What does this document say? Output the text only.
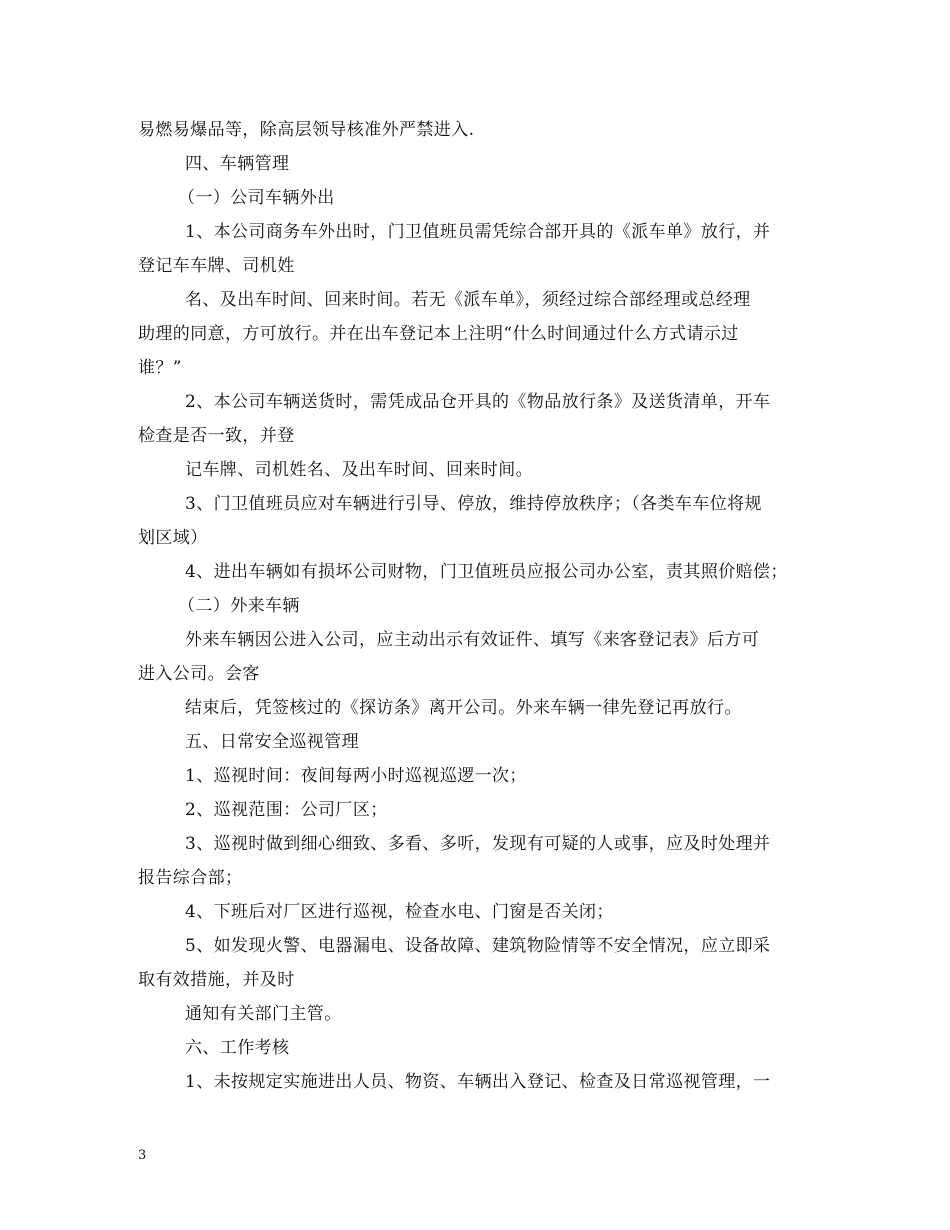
易燃易爆品等，除高层领导核准外严禁进入.
四、车辆管理
（一）公司车辆外出
1、本公司商务车外出时，门卫值班员需凭综合部开具的《派车单》放行，并
登记车车牌、司机姓
名、及出车时间、回来时间。若无《派车单》，须经过综合部经理或总经理
助理的同意，方可放行。并在出车登记本上注明“什么时间通过什么方式请示过
谁？”
2、本公司车辆送货时，需凭成品仓开具的《物品放行条》及送货清单，开车
检查是否一致，并登
记车牌、司机姓名、及出车时间、回来时间。
3、门卫值班员应对车辆进行引导、停放，维持停放秩序；（各类车车位将规
划区域）
4、进出车辆如有损坏公司财物，门卫值班员应报公司办公室，责其照价赔偿；
（二）外来车辆
外来车辆因公进入公司，应主动出示有效证件、填写《来客登记表》后方可
进入公司。会客
结束后，凭签核过的《探访条》离开公司。外来车辆一律先登记再放行。
五、日常安全巡视管理
1、巡视时间：夜间每两小时巡视巡逻一次；
2、巡视范围：公司厂区；
3、巡视时做到细心细致、多看、多听，发现有可疑的人或事，应及时处理并
报告综合部；
4、下班后对厂区进行巡视，检查水电、门窗是否关闭；
5、如发现火警、电器漏电、设备故障、建筑物险情等不安全情况，应立即采
取有效措施，并及时
通知有关部门主管。
六、工作考核
1、未按规定实施进出人员、物资、车辆出入登记、检查及日常巡视管理，一
3
